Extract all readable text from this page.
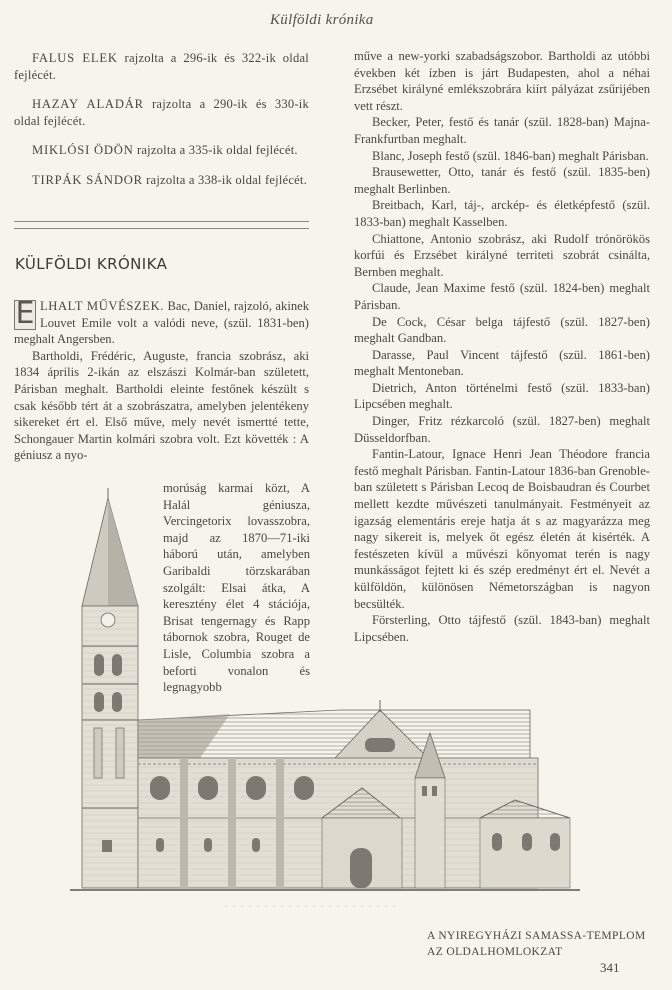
Külföldi krónika

FALUS ELEK rajzolta a 296-ik és 322-ik oldal fejlécét.

HAZAY ALADÁR rajzolta a 290-ik és 330-ik oldal fejlécét.

MIKLÓSI ÖDÖN rajzolta a 335-ik oldal fejlécét.

TIRPÁK SÁNDOR rajzolta a 338-ik oldal fejlécét.

KÜLFÖLDI KRÓNIKA

E LHALT MŰVÉSZEK. Bac, Daniel, rajzoló, akinek Louvet Emile volt a valódi neve, (szül. 1831-ben) meghalt Angersben.

Bartholdi, Frédéric, Auguste, francia szobrász, aki 1834 április 2-ikán az elszászi Kolmár-ban született, Párisban meghalt. Bartholdi eleinte festőnek készült s csak később tért át a szobrászatra, amelyben jelentékeny sikereket ért el. Első műve, mely nevét ismertté tette, Schongauer Martin kolmári szobra volt. Ezt követték : A géniusz a nyo-

morúság karmai közt, A Halál géniusza, Vercingetorix lovasszobra, majd az 1870—71-iki háború után, amelyben Garibaldi törzskarában szolgált: Elsai átka, A keresztény élet 4 stációja, Brisat tengernagy és Rapp tábornok szobra, Rouget de Lisle, Columbia szobra a beforti vonalon és legnagyobb

műve a new-yorki szabadságszobor. Bartholdi az utóbbi években két ízben is járt Budapesten, ahol a néhai Erzsébet királyné emlékszobrára kiírt pályázat zsűrijében vett részt.

Becker, Peter, festő és tanár (szül. 1828-ban) Majna-Frankfurtban meghalt.

Blanc, Joseph festő (szül. 1846-ban) meghalt Párisban.

Brausewetter, Otto, tanár és festő (szül. 1835-ben) meghalt Berlinben.

Breitbach, Karl, táj-, arckép- és életképfestő (szül. 1833-ban) meghalt Kasselben.

Chiattone, Antonio szobrász, aki Rudolf trónörökös korfúi és Erzsébet királyné territeti szobrát csinálta, Bernben meghalt.

Claude, Jean Maxime festő (szül. 1824-ben) meghalt Párisban.

De Cock, César belga tájfestő (szül. 1827-ben) meghalt Gandban.

Darasse, Paul Vincent tájfestő (szül. 1861-ben) meghalt Mentoneban.

Dietrich, Anton történelmi festő (szül. 1833-ban) Lipcsében meghalt.

Dinger, Fritz rézkarcoló (szül. 1827-ben) meghalt Düsseldorfban.

Fantin-Latour, Ignace Henri Jean Théodore francia festő meghalt Párisban. Fantin-Latour 1836-ban Grenoble-ban született s Párisban Lecoq de Boisbaudran és Courbet mellett kezdte művészeti tanulmányait. Festményeit az igazság elementáris ereje hatja át s az magyarázza meg nagy sikereit is, melyek őt egész életén át kisérték. A festészeten kívül a művészi kőnyomat terén is nagy munkásságot fejtett ki és szép eredményt ért el. Nevét a külföldön, különösen Németországban is nagyon becsülték.

Försterling, Otto tájfestő (szül. 1843-ban) meghalt Lipcsében.

A NYIREGYHÁZI SAMASSA-TEMPLOM
AZ OLDALHOMLOKZAT
341
